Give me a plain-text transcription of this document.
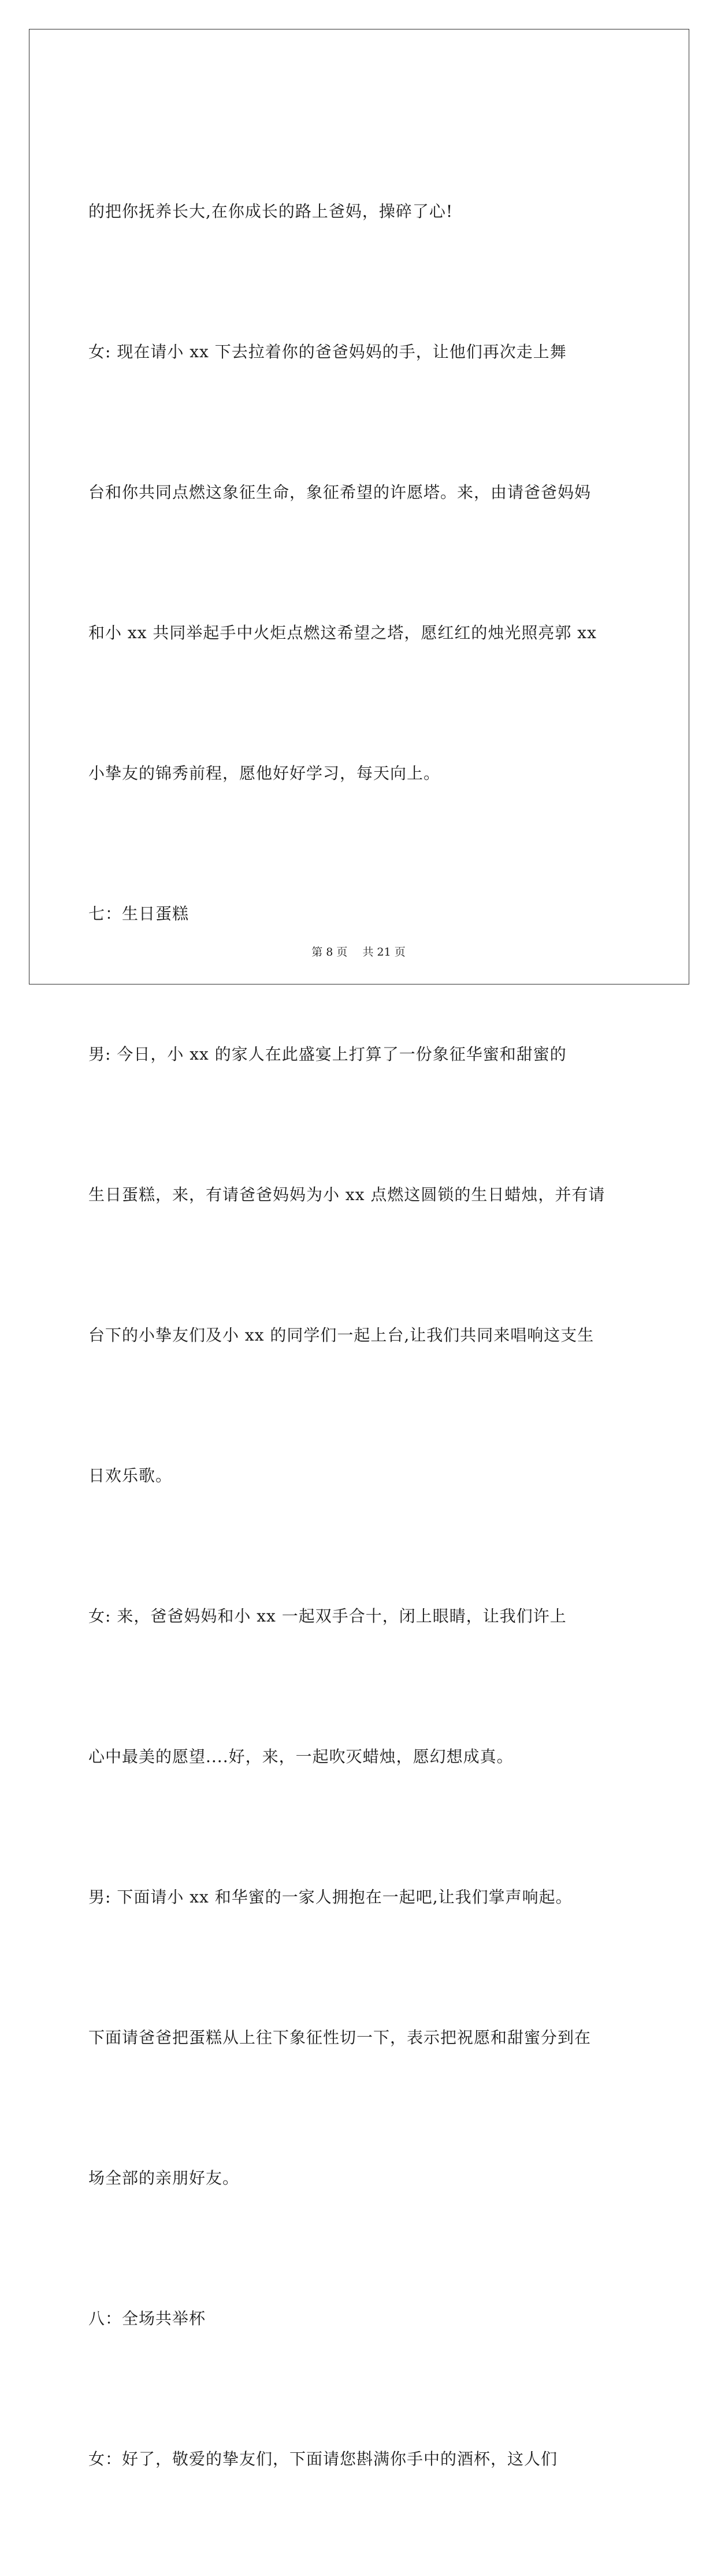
的把你抚养长大,在你成长的路上爸妈，操碎了心!

女: 现在请小 xx 下去拉着你的爸爸妈妈的手，让他们再次走上舞

台和你共同点燃这象征生命，象征希望的许愿塔。来，由请爸爸妈妈

和小 xx 共同举起手中火炬点燃这希望之塔，愿红红的烛光照亮郭 xx

小挚友的锦秀前程，愿他好好学习，每天向上。

七：生日蛋糕

男: 今日，小 xx 的家人在此盛宴上打算了一份象征华蜜和甜蜜的

生日蛋糕，来，有请爸爸妈妈为小 xx 点燃这圆锁的生日蜡烛，并有请

台下的小挚友们及小 xx 的同学们一起上台,让我们共同来唱响这支生

日欢乐歌。

女: 来，爸爸妈妈和小 xx 一起双手合十，闭上眼睛，让我们许上

心中最美的愿望....好，来，一起吹灭蜡烛，愿幻想成真。

男: 下面请小 xx 和华蜜的一家人拥抱在一起吧,让我们掌声响起。

下面请爸爸把蛋糕从上往下象征性切一下，表示把祝愿和甜蜜分到在

场全部的亲朋好友。

八：全场共举杯

女：好了，敬爱的挚友们，下面请您斟满你手中的酒杯，这人们

第 8 页 共 21 页
